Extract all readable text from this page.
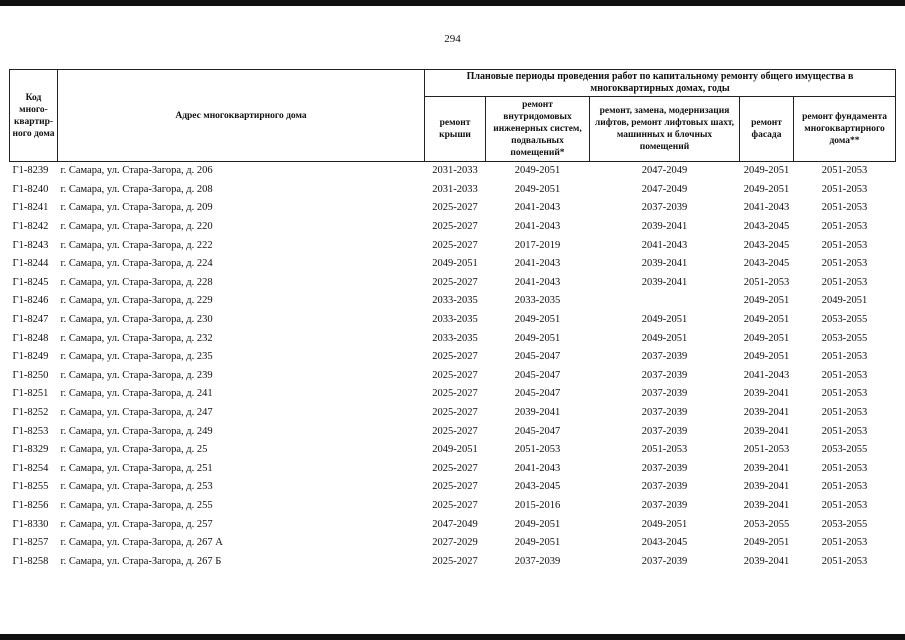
294
Код много-квартир-ного дома	Адрес многоквартирного дома	Плановые периоды проведения работ по капитальному ремонту общего имущества в многоквартирных домах, годы				
		ремонт крыши	ремонт внутридомовых инженерных систем, подвальных помещений*	ремонт, замена, модернизация лифтов, ремонт лифтовых шахт, машинных и блочных помещений	ремонт фасада	ремонт фундамента многоквартирного дома**
Г1-8239	г. Самара, ул. Стара-Загора, д. 206	2031-2033	2049-2051	2047-2049	2049-2051	2051-2053
Г1-8240	г. Самара, ул. Стара-Загора, д. 208	2031-2033	2049-2051	2047-2049	2049-2051	2051-2053
Г1-8241	г. Самара, ул. Стара-Загора, д. 209	2025-2027	2041-2043	2037-2039	2041-2043	2051-2053
Г1-8242	г. Самара, ул. Стара-Загора, д. 220	2025-2027	2041-2043	2039-2041	2043-2045	2051-2053
Г1-8243	г. Самара, ул. Стара-Загора, д. 222	2025-2027	2017-2019	2041-2043	2043-2045	2051-2053
Г1-8244	г. Самара, ул. Стара-Загора, д. 224	2049-2051	2041-2043	2039-2041	2043-2045	2051-2053
Г1-8245	г. Самара, ул. Стара-Загора, д. 228	2025-2027	2041-2043	2039-2041	2051-2053	2051-2053
Г1-8246	г. Самара, ул. Стара-Загора, д. 229	2033-2035	2033-2035		2049-2051	2049-2051
Г1-8247	г. Самара, ул. Стара-Загора, д. 230	2033-2035	2049-2051	2049-2051	2049-2051	2053-2055
Г1-8248	г. Самара, ул. Стара-Загора, д. 232	2033-2035	2049-2051	2049-2051	2049-2051	2053-2055
Г1-8249	г. Самара, ул. Стара-Загора, д. 235	2025-2027	2045-2047	2037-2039	2049-2051	2051-2053
Г1-8250	г. Самара, ул. Стара-Загора, д. 239	2025-2027	2045-2047	2037-2039	2041-2043	2051-2053
Г1-8251	г. Самара, ул. Стара-Загора, д. 241	2025-2027	2045-2047	2037-2039	2039-2041	2051-2053
Г1-8252	г. Самара, ул. Стара-Загора, д. 247	2025-2027	2039-2041	2037-2039	2039-2041	2051-2053
Г1-8253	г. Самара, ул. Стара-Загора, д. 249	2025-2027	2045-2047	2037-2039	2039-2041	2051-2053
Г1-8329	г. Самара, ул. Стара-Загора, д. 25	2049-2051	2051-2053	2051-2053	2051-2053	2053-2055
Г1-8254	г. Самара, ул. Стара-Загора, д. 251	2025-2027	2041-2043	2037-2039	2039-2041	2051-2053
Г1-8255	г. Самара, ул. Стара-Загора, д. 253	2025-2027	2043-2045	2037-2039	2039-2041	2051-2053
Г1-8256	г. Самара, ул. Стара-Загора, д. 255	2025-2027	2015-2016	2037-2039	2039-2041	2051-2053
Г1-8330	г. Самара, ул. Стара-Загора, д. 257	2047-2049	2049-2051	2049-2051	2053-2055	2053-2055
Г1-8257	г. Самара, ул. Стара-Загора, д. 267 А	2027-2029	2049-2051	2043-2045	2049-2051	2051-2053
Г1-8258	г. Самара, ул. Стара-Загора, д. 267 Б	2025-2027	2037-2039	2037-2039	2039-2041	2051-2053
